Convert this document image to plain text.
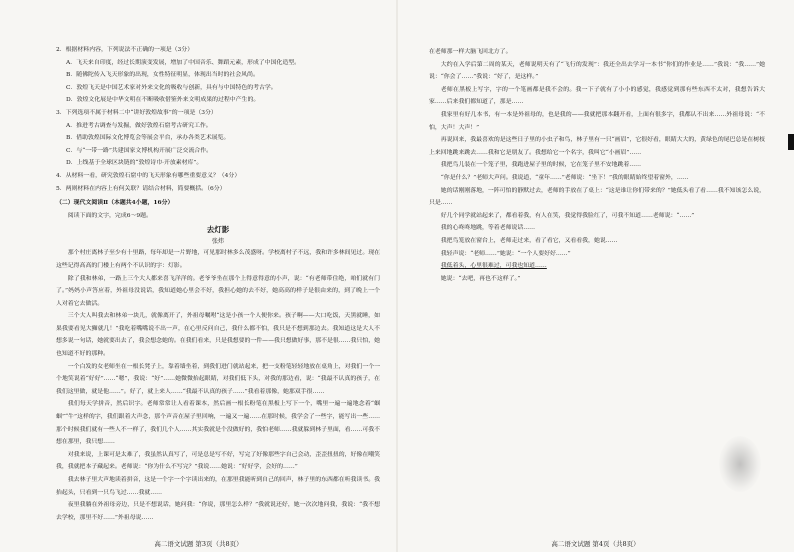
2．根据材料内容，下列说法不正确的一项是（3分）

A．飞天来自印度，经过长期演变发展，增加了中国音乐、舞蹈元素，形成了中国化造型。

B．随佛陀传入飞天形象的出现，女性特征明显，体现出当时的社会风尚。

C．敦煌飞天是中国艺术家对外来文化的吸收与创新，具有与中国特色的考古学。

D．敦煌文化展是中华文明在不断吸收借鉴外来文明成果的过程中产生的。

3．下列选项不属于材料二中“讲好敦煌故事”的一项是（3分）

A．推进考古调查与发掘，做好敦煌石窟考古研究工作。

B．借助敦煌国际文化博览会等展会平台，承办各类艺术展览。

C．与“一带一路”共建国家文博机构开展广泛交流合作。

D．上线基于全球区块链的“敦煌诗巾·开放素材库”。

4．从材料一看，研究敦煌石窟中的飞天形象有哪些重要意义？（4分）

5．两则材料在内容上有何关联？请结合材料，简要概括。（6分）

（二）现代文阅读Ⅱ（本题共4小题，16分）

阅读下面的文字，完成6～9题。

去灯影
张炜

那个村庄离林子至少有十里路，每年却是一片野地，可见那时林多么茂盛呀。学校离村子不远，我和许多林间见过。现在这些记得高高的门楼上有两个不认识的字：灯影。

除了我和林弟，一路上三个大人都来喜飞洋洋的。老爷爷坐在那个上得意得意的小声，说：“有老师带住绝，咱们就有门了。”妈妈小声答应着，外祖母没说话，我知道她心里会不好，我担心她的去不好，她高高的样子是很由来的，到了晚上一个人对着它去做活。

三个大人叫我去和林弟一块儿，就像离开了，外祖母嘱咐“这是小孩一个人便你来。孩子啊——大口吃饭，天黑就睡，如果我要看见大狮就几！”我吃着嘴嘴说不出一声，在心里反问自己，我什么都不怕，我只是不想到那边去。我知道这是大人不想多说一句话，她就要出去了，我会想念她的。在我们看来，只是我想要的一件——我只想做好事，那不是很……我只怕，她也知道不好的那种。

一个白发的女老师坐在一根长凳子上，靠着墙坐着，到我们进门就站起来，把一支粉笔轻轻地放在桌角上，对我们一个一个地笑说着“好好”……“嗯”，我说：“好”……她微微抬起眼睛，对我们低下头，对我的那边看，说：“我最不认真的孩子，在我们这里做，就是他……”。好了，就上来人……“我最不认真的孩子……”我看着那像，她那双手很……

我们每天学拼音，然后识字。老师常常让人看着课本，然后画一根长粉笔在黑板上写下一个，嘴里一遍一遍地念着“蝈蝈”“牛”这样的字，我们跟着大声念，那个声音在屋子里回响，一遍又一遍……在那时候，我学会了一些字，能写出一些……那个时候我们就有一些人不一样了，我们几个人……其实我就是个没做好的，我怕老师……我就躲到林子里面，看……可我不想在那里，我只想……

对我来说，上课可是太难了，我虽然认真写了，可是总是写不好，写完了好像那些字自己会动，歪歪扭扭的，好像在嘲笑我，我就把本子藏起来。老师说：“你为什么不写完？”我说……她说：“好好学，会好的……”

我去林子里大声地读着拼音，这是一个字一个字读出来的，在那里我能听到自己的回声，林子里的东西都在听我读书。我抬起头，只看到一只鸟飞过……我就……

夜里我躺在外祖母旁边，只是不想说话，她问我：“你说，那里怎么样？”我就说还好，她一次次地问我，我说：“我不想去学校，那里不好……”外祖母说……

高二语文试题 第3页（共8页）

在老师那一样大脑飞回北方了。

大约在入学后第二周的某天，老师说明天有了“飞行的发现”：我还全出去学习一本书“你们的作业是……”我说：“我……”她说：“你会了……”我说：“好了，是这样。”

老师在黑板上写字，字的一个笔画都是我不会的。我一下子就有了小小的感觉，我感觉到那有些东西不太对，我想告诉大家……后来我们都知道了，那是……

我家里有好几本书，有一本是外祖母的，也是我的——我就把那本翻开看，上面有很多字，我都认不出来……外祖母说：“不怕，大声！大声！”

再说回来，我最喜欢的是这些日子里的小虫子和鸟，林子里有一只“画眉”，它很好看，眼睛大大的，黄绿色的尾巴总是在树枝上来回地跳来跳去……我和它是朋友了。我想给它一个名字，我叫它“小画眉”……

我把鸟儿装在一个笼子里，我跑进屋子里的时候，它在笼子里不安地跳着……

“你是什么？”老师大声问。我说道，“童年……”老师说：“坐下！”我的眼睛始终望着窗外，……

她的话刚刚落地，一阵可怕的静默过去，老师的手放在了桌上：“这是谁让你们带来的？”她低头看了看……我不知该怎么说，只是……

好几个同学就站起来了，都看着我，有人在笑，我觉得我脸红了，可我不知道……老师说：“……”

我的心咚咚地跳，等着老师说话……

我把鸟笼放在窗台上，老师走过来，看了看它，又看看我，她说……

我轻声说：“老师……”她说：“一个人要好好……”

我低着头，心里很难过，可我也知道……

她说：“去吧，再也不这样了。”

高二语文试题 第4页（共8页）
